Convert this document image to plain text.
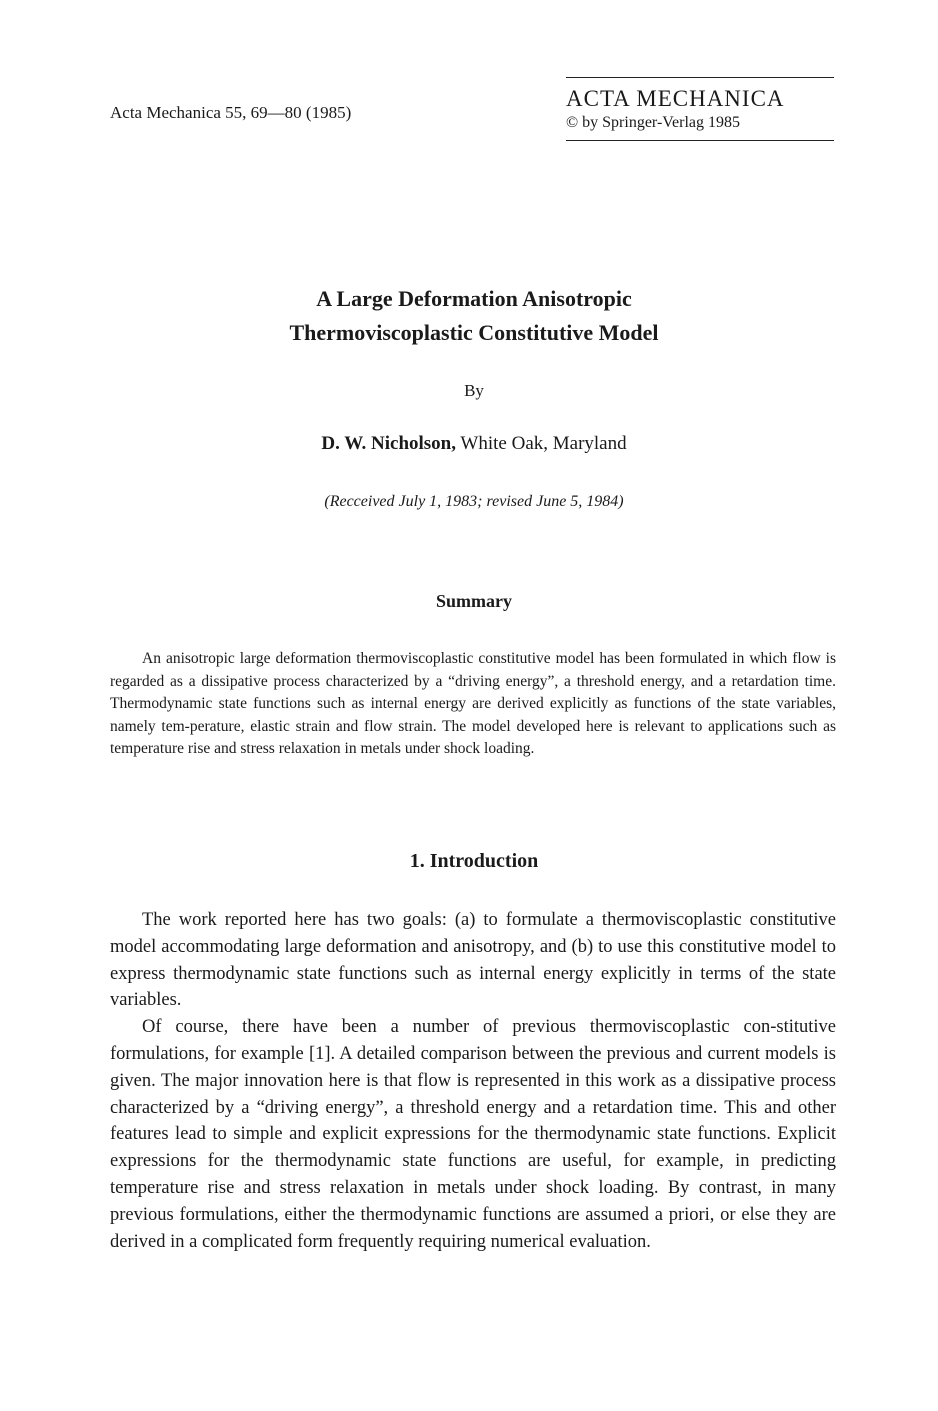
Acta Mechanica 55, 69—80 (1985)
ACTA MECHANICA
© by Springer-Verlag 1985
A Large Deformation Anisotropic
Thermoviscoplastic Constitutive Model
By
D. W. Nicholson, White Oak, Maryland
(Recceived July 1, 1983; revised June 5, 1984)
Summary
An anisotropic large deformation thermoviscoplastic constitutive model has been formulated in which flow is regarded as a dissipative process characterized by a “driving energy”, a threshold energy, and a retardation time. Thermodynamic state functions such as internal energy are derived explicitly as functions of the state variables, namely tem-perature, elastic strain and flow strain. The model developed here is relevant to applications such as temperature rise and stress relaxation in metals under shock loading.
1. Introduction

The work reported here has two goals: (a) to formulate a thermoviscoplastic constitutive model accommodating large deformation and anisotropy, and (b) to use this constitutive model to express thermodynamic state functions such as internal energy explicitly in terms of the state variables.

Of course, there have been a number of previous thermoviscoplastic con-stitutive formulations, for example [1]. A detailed comparison between the previous and current models is given. The major innovation here is that flow is represented in this work as a dissipative process characterized by a “driving energy”, a threshold energy and a retardation time. This and other features lead to simple and explicit expressions for the thermodynamic state functions. Explicit expressions for the thermodynamic state functions are useful, for example, in predicting temperature rise and stress relaxation in metals under shock loading. By contrast, in many previous formulations, either the thermodynamic functions are assumed a priori, or else they are derived in a complicated form frequently requiring numerical evaluation.
